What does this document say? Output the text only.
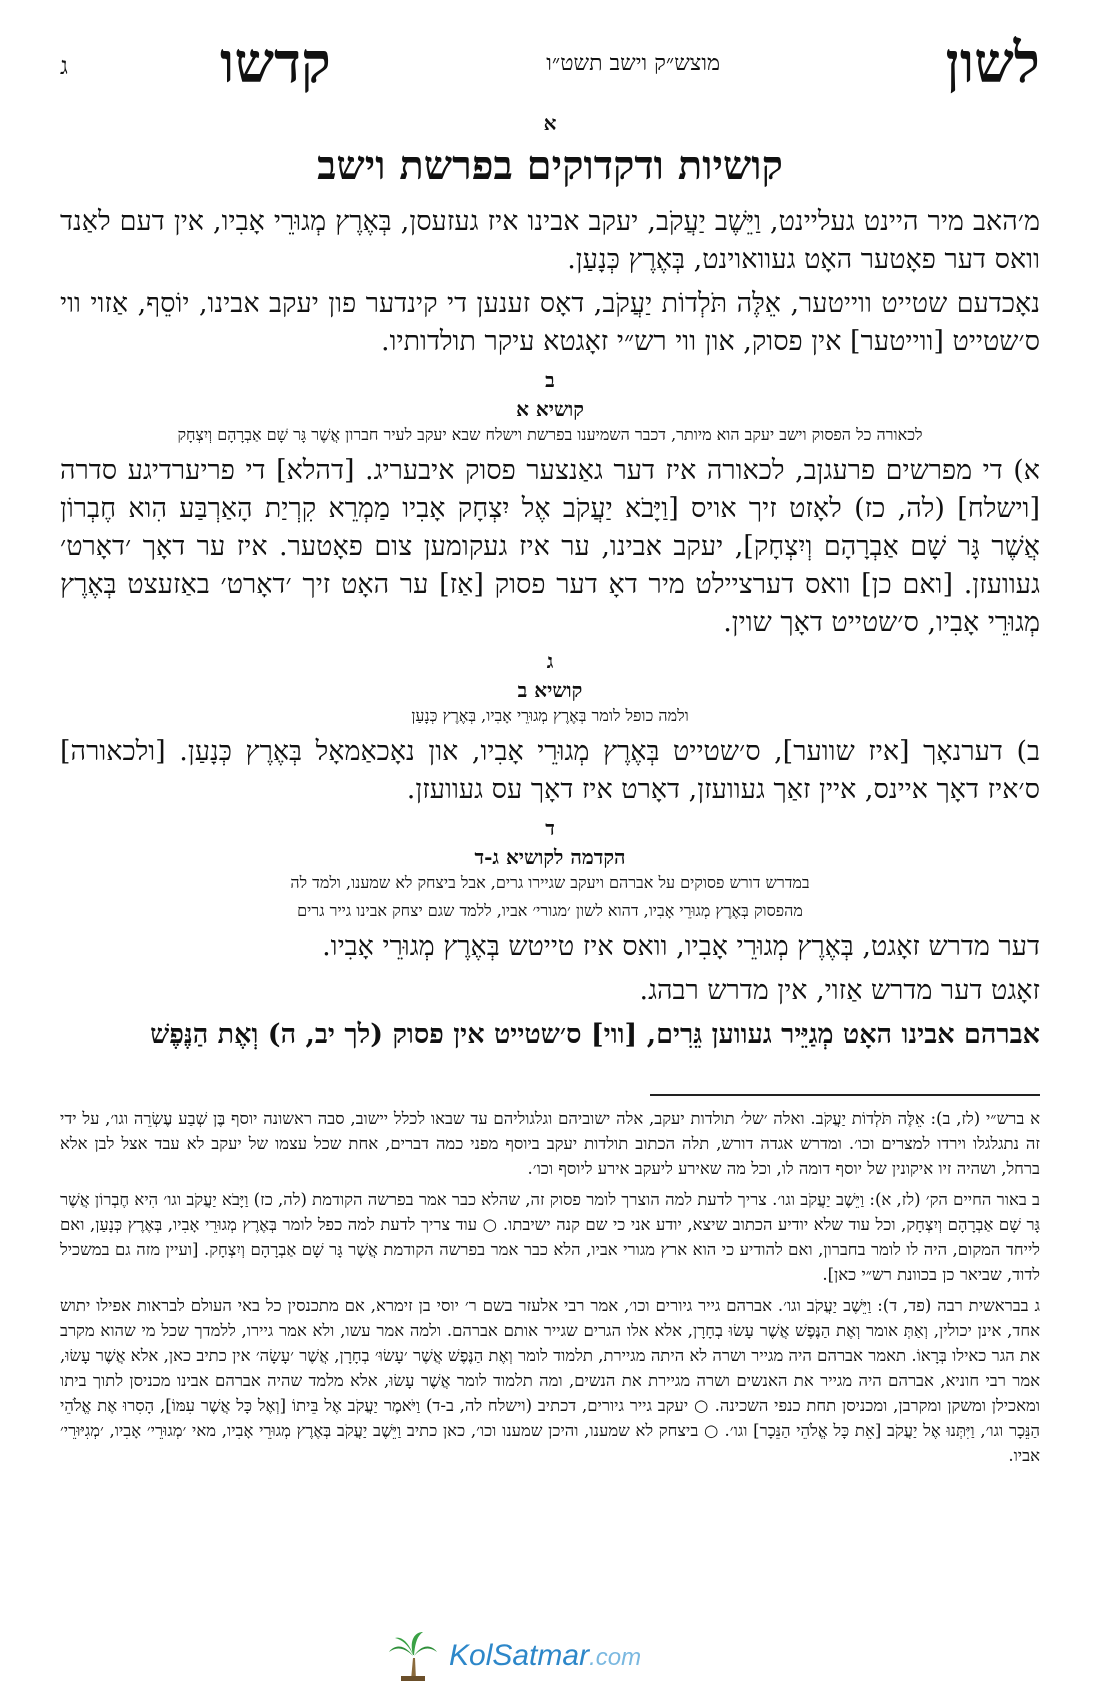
לשון
מוצש״ק וישב תשט״ו
קדשו
ג

א

קושיות ודקדוקים בפרשת וישב

מ׳האב מיר היינט געליינט, וַיֵּשֶׁב יַעֲקֹב, יעקב אבינו איז געזעסן, בְּאֶרֶץ מְגוּרֵי אָבִיו, אין דעם לאַנד וואס דער פאָטער האָט געוואוינט, בְּאֶרֶץ כְּנָעַן.

נאָכדעם שטייט ווייטער, אֵלֶּה תֹּלְדוֹת יַעֲקֹב, דאָס זענען די קינדער פון יעקב אבינו, יוֹסֵף, אַזוי ווי ס׳שטייט [ווייטער] אין פסוק, און ווי רש״י זאָגטא עיקר תולדותיו.

ב

קושיא א

לכאורה כל הפסוק וישב יעקב הוא מיותר, דכבר השמיענו בפרשת וישלח שבא יעקב לעיר חברון אֲשֶׁר גָּר שָׁם אַבְרָהָם וְיִצְחָק

א) די מפרשים פרעגןב, לכאורה איז דער גאַנצער פסוק איבעריג. [דהלא] די פריערדיגע סדרה [וישלח] (לה, כז) לאָזט זיך אויס [וַיָּבֹא יַעֲקֹב אֶל יִצְחָק אָבִיו מַמְרֵא קִרְיַת הָאַרְבַּע הִוא חֶבְרוֹן אֲשֶׁר גָּר שָׁם אַבְרָהָם וְיִצְחָק], יעקב אבינו, ער איז געקומען צום פאָטער. איז ער דאָך ׳דאָרט׳ געוועזן. [ואם כן] וואס דערציילט מיר דאָ דער פסוק [אַז] ער האָט זיך ׳דאָרט׳ באַזעצט בְּאֶרֶץ מְגוּרֵי אָבִיו, ס׳שטייט דאָך שוין.

ג

קושיא ב

ולמה כופל לומר בְּאֶרֶץ מְגוּרֵי אָבִיו, בְּאֶרֶץ כְּנָעַן

ב) דערנאָך [איז שווער], ס׳שטייט בְּאֶרֶץ מְגוּרֵי אָבִיו, און נאָכאַמאָל בְּאֶרֶץ כְּנָעַן. [ולכאורה] ס׳איז דאָך איינס, איין זאַך געוועזן, דאָרט איז דאָך עס געוועזן.

ד

הקדמה לקושיא ג-ד

במדרש דורש פסוקים על אברהם ויעקב שגיירו גרים, אבל ביצחק לא שמענו, ולמד לה

מהפסוק בְּאֶרֶץ מְגוּרֵי אָבִיו, דהוא לשון ׳מגורי׳ אביו, ללמד שגם יצחק אבינו גייר גרים

דער מדרש זאָגט, בְּאֶרֶץ מְגוּרֵי אָבִיו, וואס איז טייטש בְּאֶרֶץ מְגוּרֵי אָבִיו.

זאָגט דער מדרש אַזוי, אין מדרש רבהג.

אברהם אבינו האָט מְגַיֵּיר געווען גֵּרִים, [ווי] ס׳שטייט אין פסוק (לך יב, ה) וְאֶת הַנֶּפֶשׁ

א ברש״י (לז, ב): אֵלֶּה תֹּלְדוֹת יַעֲקֹב. ואלה ׳של׳ תולדות יעקב, אלה ישוביהם וגלגוליהם עד שבאו לכלל יישוב, סבה ראשונה יוסף בֶּן שְׁבַע עֶשְׂרֵה וגו׳, על ידי זה נתגלגלו וירדו למצרים וכו׳. ומדרש אגדה דורש, תלה הכתוב תולדות יעקב ביוסף מפני כמה דברים, אחת שכל עצמו של יעקב לא עבד אצל לבן אלא ברחל, ושהיה זיו איקונין של יוסף דומה לו, וכל מה שאירע ליעקב אירע ליוסף וכו׳.

ב באור החיים הק׳ (לז, א): וַיֵּשֶׁב יַעֲקֹב וגו׳. צריך לדעת למה הוצרך לומר פסוק זה, שהלא כבר אמר בפרשה הקודמת (לה, כז) וַיָּבֹא יַעֲקֹב וגו׳ הִיא חֶבְרוֹן אֲשֶׁר גָּר שָׁם אַבְרָהָם וְיִצְחָק, וכל עוד שלא יודיע הכתוב שיצא, יודע אני כי שם קנה ישיבתו. ○ עוד צריך לדעת למה כפל לומר בְּאֶרֶץ מְגוּרֵי אָבִיו, בְּאֶרֶץ כְּנָעַן, ואם לייחד המקום, היה לו לומר בחברון, ואם להודיע כי הוא ארץ מגורי אביו, הלא כבר אמר בפרשה הקודמת אֲשֶׁר גָּר שָׁם אַבְרָהָם וְיִצְחָק. [ועיין מזה גם במשכיל לדוד, שביאר כן בכוונת רש״י כאן].

ג בבראשית רבה (פד, ד): וַיֵּשֶׁב יַעֲקֹב וגו׳. אברהם גייר גיורים וכו׳, אמר רבי אלעזר בשם ר׳ יוסי בן זימרא, אם מתכנסין כל באי העולם לבראות אפילו יתוש אחד, אינן יכולין, וְאַתְּ אומר וְאֶת הַנֶּפֶשׁ אֲשֶׁר עָשׂוּ בְחָרָן, אלא אלו הגרים שגייר אותם אברהם. ולמה אמר עשו, ולא אמר גיירו, ללמדך שכל מי שהוא מקרב את הגר כאילו בְּרָאוֹ. תאמר אברהם היה מגייר ושרה לא היתה מגיירת, תלמוד לומר וְאֶת הַנֶּפֶשׁ אֲשֶׁר ׳עָשׂוּ׳ בְחָרָן, אֲשֶׁר ׳עָשָׂה׳ אין כתיב כאן, אלא אֲשֶׁר עָשׂוּ, אמר רבי חוניא, אברהם היה מגייר את האנשים ושרה מגיירת את הנשים, ומה תלמוד לומר אֲשֶׁר עָשׂוּ, אלא מלמד שהיה אברהם אבינו מכניסן לתוך ביתו ומאכילן ומשקן ומקרבן, ומכניסן תחת כנפי השכינה. ○ יעקב גייר גיורים, דכתיב (וישלח לה, ב-ד) וַיֹּאמֶר יַעֲקֹב אֶל בֵּיתוֹ [וְאֶל כָּל אֲשֶׁר עִמּוֹ], הָסִרוּ אֶת אֱלֹהֵי הַנֵּכָר וגו׳, וַיִּתְּנוּ אֶל יַעֲקֹב [אֵת כָּל אֱלֹהֵי הַנֵּכָר] וגו׳. ○ ביצחק לא שמענו, והיכן שמענו וכו׳, כאן כתיב וַיֵּשֶׁב יַעֲקֹב בְּאֶרֶץ מְגוּרֵי אָבִיו, מאי ׳מְגוּרֵי׳ אָבִיו, ׳מְגִיּוּרֵי׳ אביו.

KolSatmar.com
